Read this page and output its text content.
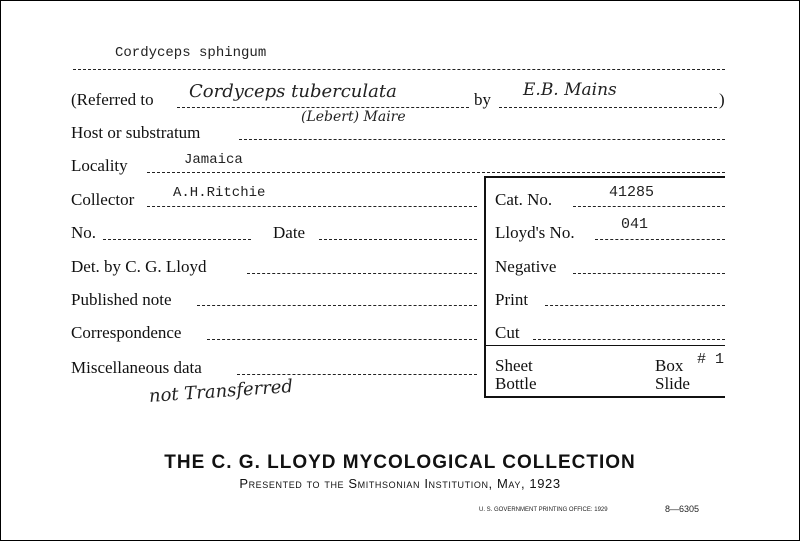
Cordyceps sphingum
(Referred to Cordyceps tuberculata
(Lebert) Maire
by E.B. Mains	)
Host or substratum
Locality	Jamaica
Collector	A.H.Ritchie	Cat. No.	41285
No.	Date	Lloyd's No.	041
Det. by C. G. Lloyd	Negative
Published note	Print
Correspondence	Cut
Miscellaneous data
not Transferred
Sheet
Bottle
Box # 1
Slide
THE C. G. LLOYD MYCOLOGICAL COLLECTION
Presented to the Smithsonian Institution, May, 1923
U. S. GOVERNMENT PRINTING OFFICE: 1929	8—6305
